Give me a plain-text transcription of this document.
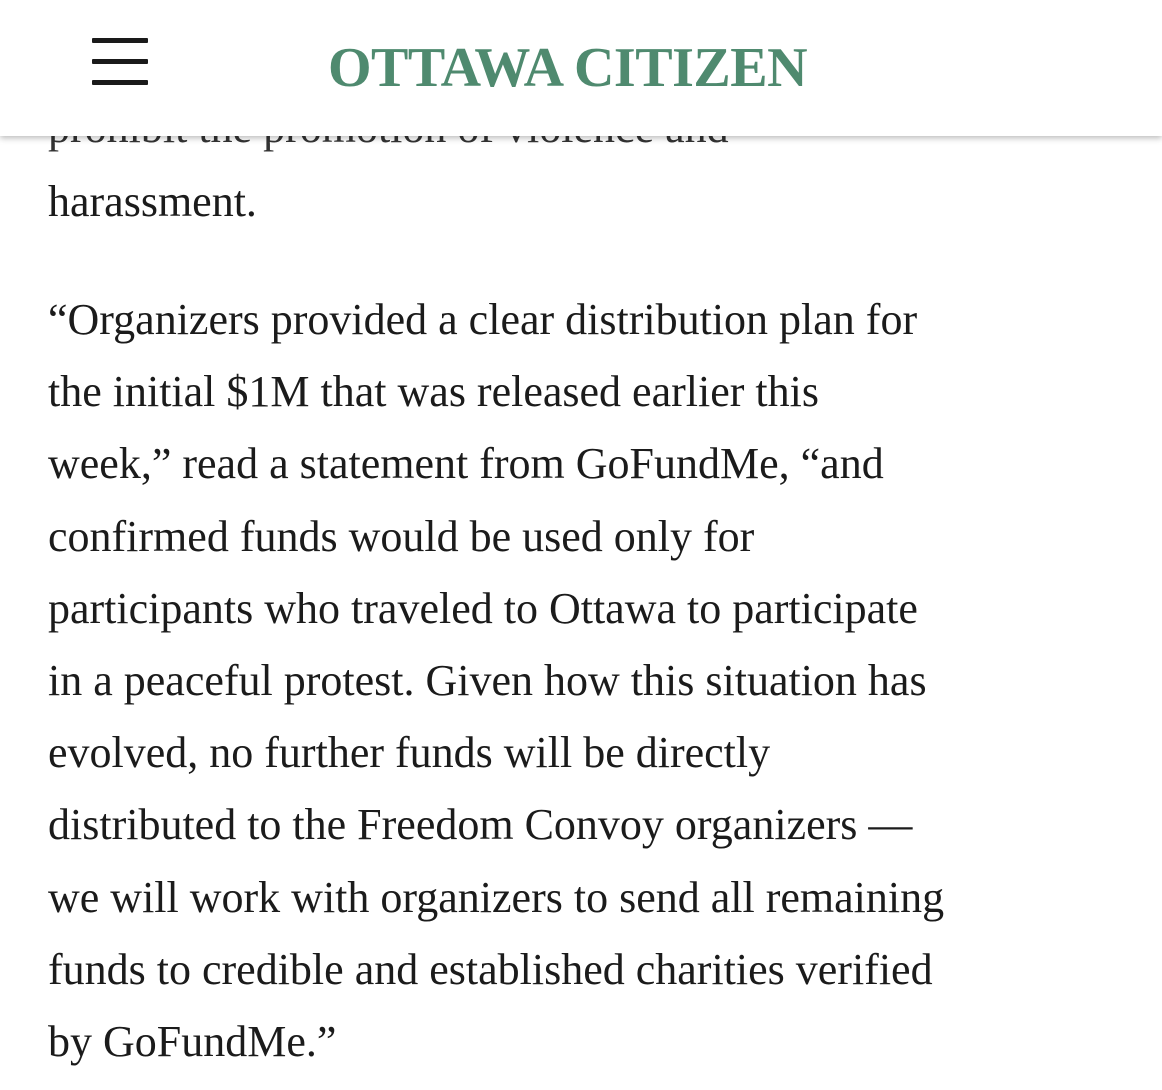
OTTAWA CITIZEN
harassment.
“Organizers provided a clear distribution plan for
the initial $1M that was released earlier this
week,” read a statement from GoFundMe, “and
confirmed funds would be used only for
participants who traveled to Ottawa to participate
in a peaceful protest. Given how this situation has
evolved, no further funds will be directly
distributed to the Freedom Convoy organizers —
we will work with organizers to send all remaining
funds to credible and established charities verified
by GoFundMe.”
